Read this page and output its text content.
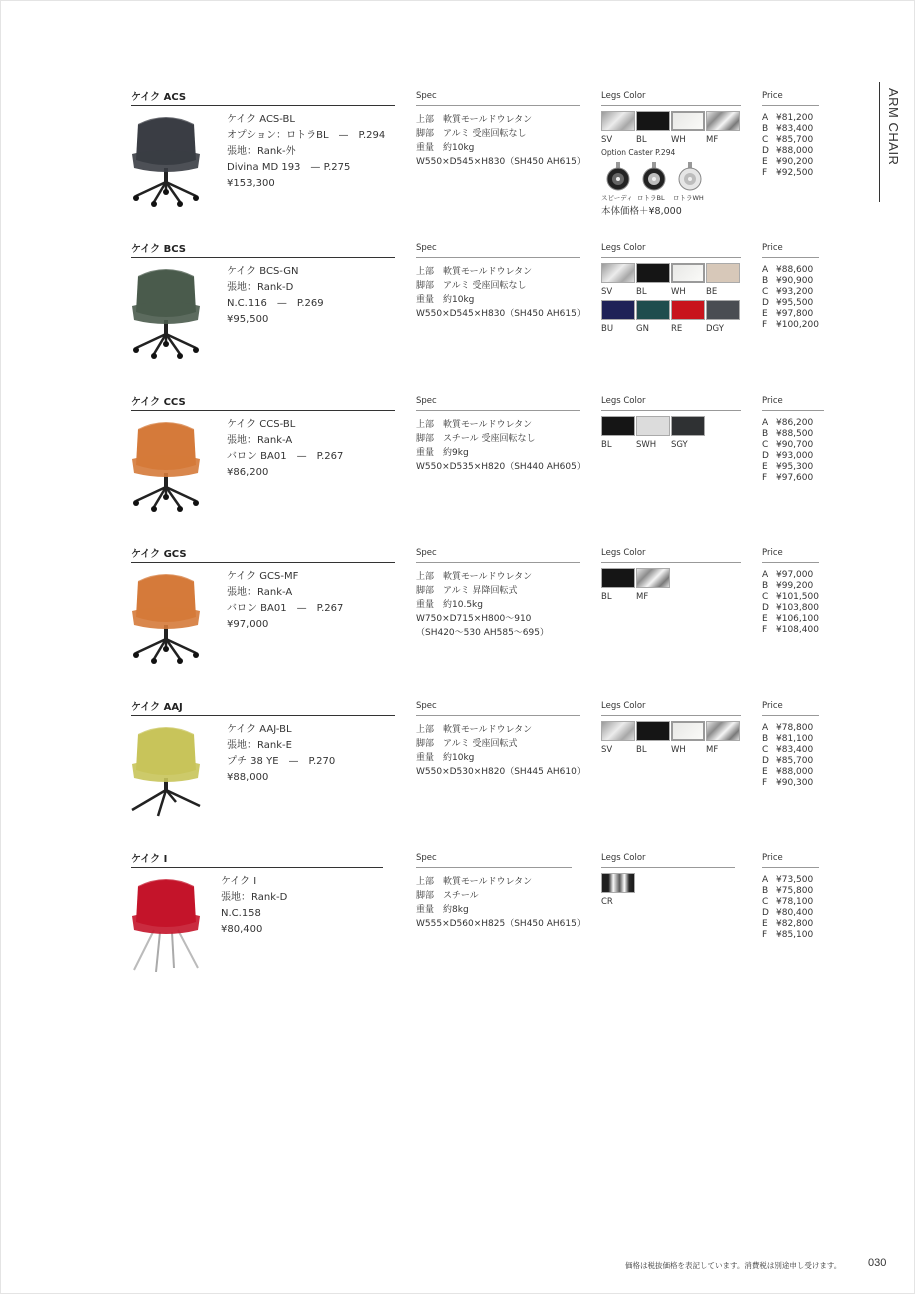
ARM CHAIR
ケイク ACS
ケイク ACS-BL
オプション：ロトラBL　—　P.294
張地：Rank-外
Divina MD 193　— P.275
¥153,300
Spec	Legs Color	Price
上部　軟質モールドウレタン
脚部　アルミ 受座回転なし
重量　約10kg
W550×D545×H830（SH450 AH615）
SV	BL	WH	MF
Option Caster P.294
スピーディ ロトラBL	ロトラWH
本体価格＋¥8,000
A ¥81,200
B ¥83,400
C ¥85,700
D ¥88,000
E ¥90,200
F ¥92,500
ケイク BCS
ケイク BCS-GN
張地：Rank-D
N.C.116　—　P.269
¥95,500
Spec	Legs Color	Price
上部　軟質モールドウレタン
脚部　アルミ 受座回転なし
重量　約10kg
W550×D545×H830（SH450 AH615）
SV	BL	WH	BE
BU	GN	RE	DGY
A ¥88,600
B ¥90,900
C ¥93,200
D ¥95,500
E ¥97,800
F ¥100,200
ケイク CCS
ケイク CCS-BL
張地：Rank-A
バロン BA01　—　P.267
¥86,200
Spec	Legs Color	Price
上部　軟質モールドウレタン
脚部　スチール 受座回転なし
重量　約9kg
W550×D535×H820（SH440 AH605）
BL	SWH	SGY
A ¥86,200
B ¥88,500
C ¥90,700
D ¥93,000
E ¥95,300
F ¥97,600
ケイク GCS
ケイク GCS-MF
張地：Rank-A
バロン BA01　—　P.267
¥97,000
Spec	Legs Color	Price
上部　軟質モールドウレタン
脚部　アルミ 昇降回転式
重量　約10.5kg
W750×D715×H800〜910
（SH420〜530 AH585〜695）
BL	MF
A ¥97,000
B ¥99,200
C ¥101,500
D ¥103,800
E ¥106,100
F ¥108,400
ケイク AAJ
ケイク AAJ-BL
張地：Rank-E
プチ 38 YE　—　P.270
¥88,000
Spec	Legs Color	Price
上部　軟質モールドウレタン
脚部　アルミ 受座回転式
重量　約10kg
W550×D530×H820（SH445 AH610）
SV	BL	WH	MF
A ¥78,800
B ¥81,100
C ¥83,400
D ¥85,700
E ¥88,000
F ¥90,300
ケイク Ⅰ
ケイク Ⅰ
張地：Rank-D
N.C.158
¥80,400
Spec	Legs Color	Price
上部　軟質モールドウレタン
脚部　スチール
重量　約8kg
W555×D560×H825（SH450 AH615）
CR
A ¥73,500
B ¥75,800
C ¥78,100
D ¥80,400
E ¥82,800
F ¥85,100
価格は税抜価格を表記しています。消費税は別途申し受けます。 030
